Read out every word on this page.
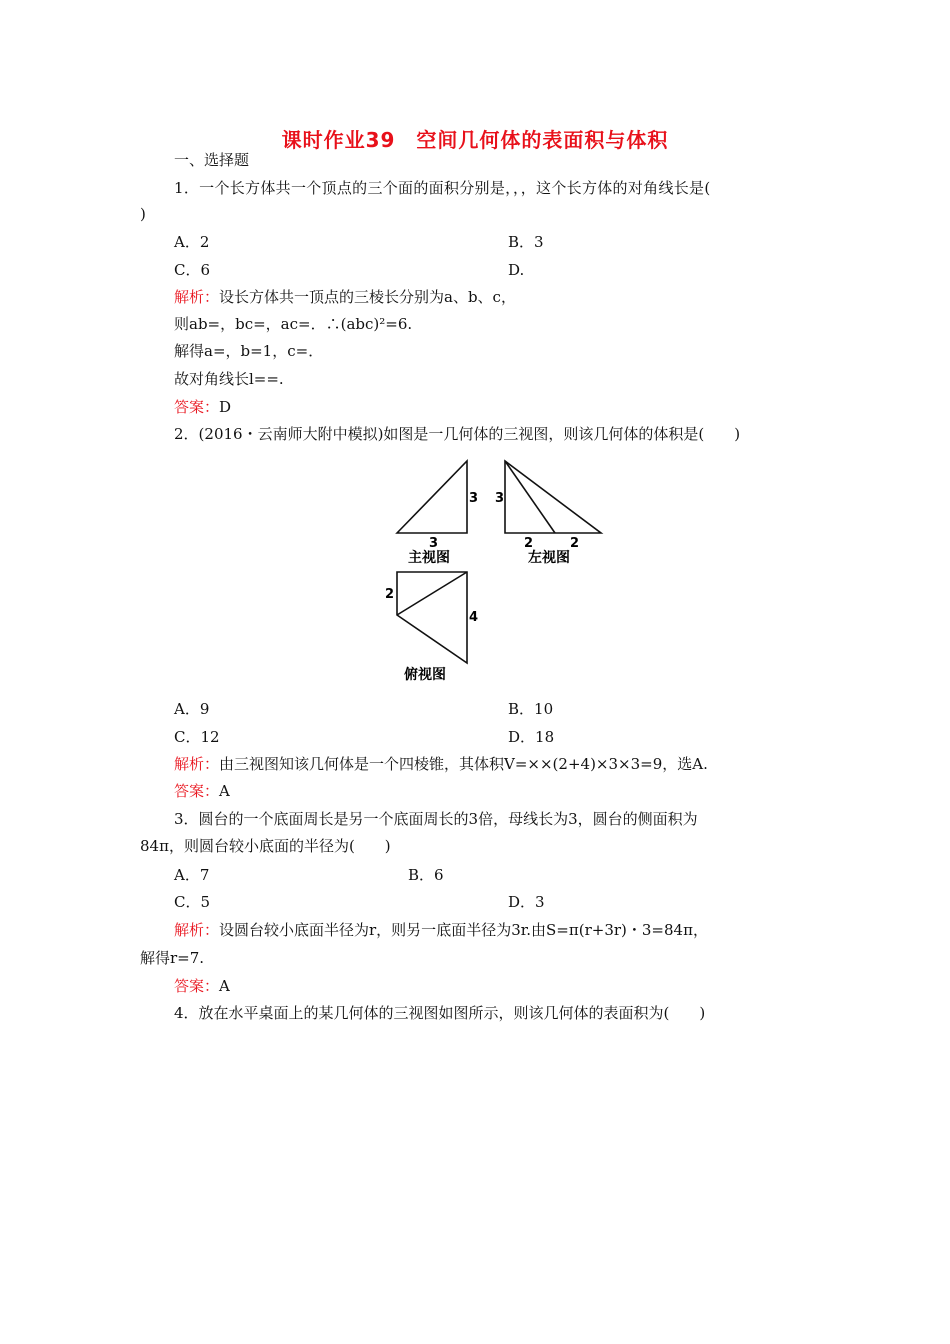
课时作业39　空间几何体的表面积与体积
一、选择题
1．一个长方体共一个顶点的三个面的面积分别是，，，这个长方体的对角线长是(
)
A．2	B．3
C．6	D.
解析：设长方体共一顶点的三棱长分别为a、b、c，
则ab=，bc=，ac=．∴(abc)²=6.
解得a=，b=1，c=．
故对角线长l==.
答案：D
2．(2016・云南师大附中模拟)如图是一几何体的三视图，则该几何体的体积是(　　)
3
3
主视图
3
2	2
左视图
2
4
俯视图
A．9	B．10
C．12	D．18
解析：由三视图知该几何体是一个四棱锥，其体积V=××(2+4)×3×3=9，选A.
答案：A
3．圆台的一个底面周长是另一个底面周长的3倍，母线长为3，圆台的侧面积为
84π，则圆台较小底面的半径为(　　)
A．7	B．6
C．5	D．3
解析：设圆台较小底面半径为r，则另一底面半径为3r.由S=π(r+3r)・3=84π，
解得r=7.
答案：A
4．放在水平桌面上的某几何体的三视图如图所示，则该几何体的表面积为(　　)
